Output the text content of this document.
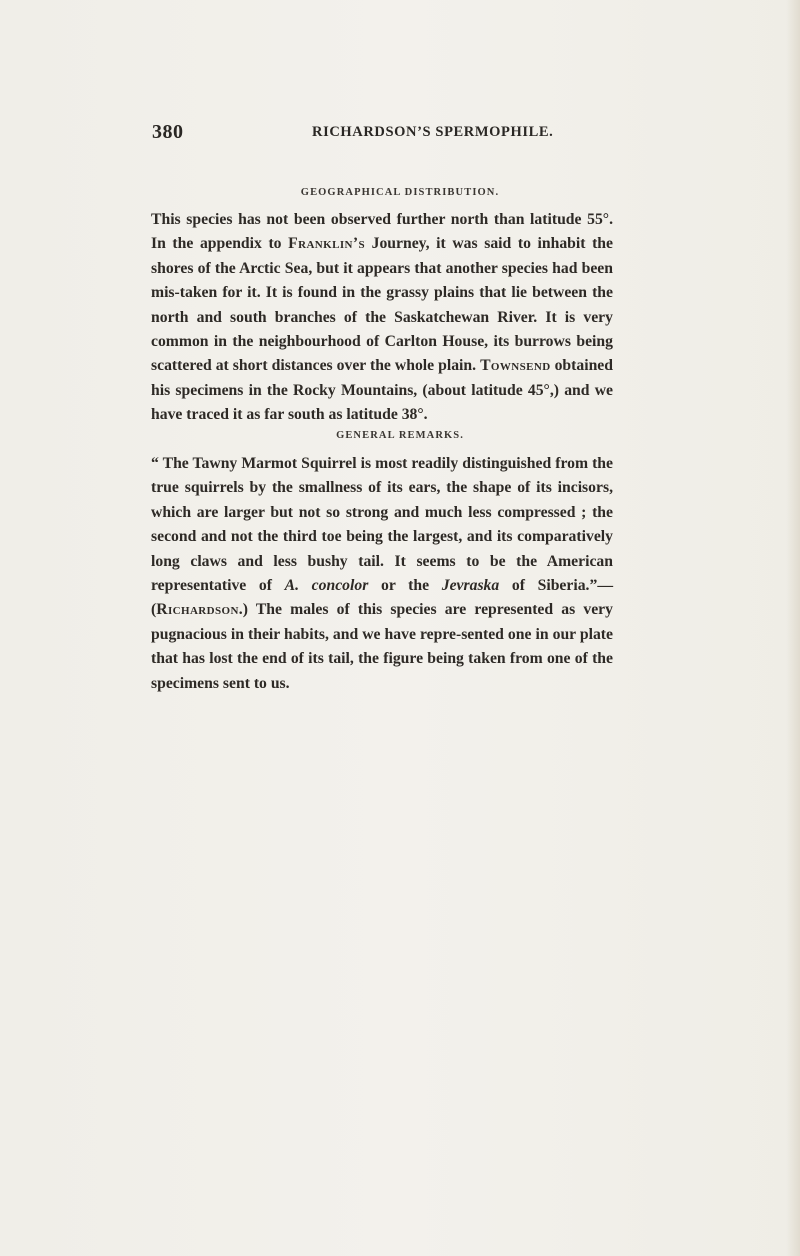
380	RICHARDSON’S SPERMOPHILE.
GEOGRAPHICAL DISTRIBUTION.
This species has not been observed further north than latitude 55°. In the appendix to Franklin’s Journey, it was said to inhabit the shores of the Arctic Sea, but it appears that another species had been mis-taken for it. It is found in the grassy plains that lie between the north and south branches of the Saskatchewan River. It is very common in the neighbourhood of Carlton House, its burrows being scattered at short distances over the whole plain. Townsend obtained his specimens in the Rocky Mountains, (about latitude 45°,) and we have traced it as far south as latitude 38°.
GENERAL REMARKS.
“ The Tawny Marmot Squirrel is most readily distinguished from the true squirrels by the smallness of its ears, the shape of its incisors, which are larger but not so strong and much less compressed ; the second and not the third toe being the largest, and its comparatively long claws and less bushy tail. It seems to be the American representative of A. concolor or the Jevraska of Siberia.”—(Richardson.) The males of this species are represented as very pugnacious in their habits, and we have repre-sented one in our plate that has lost the end of its tail, the figure being taken from one of the specimens sent to us.
